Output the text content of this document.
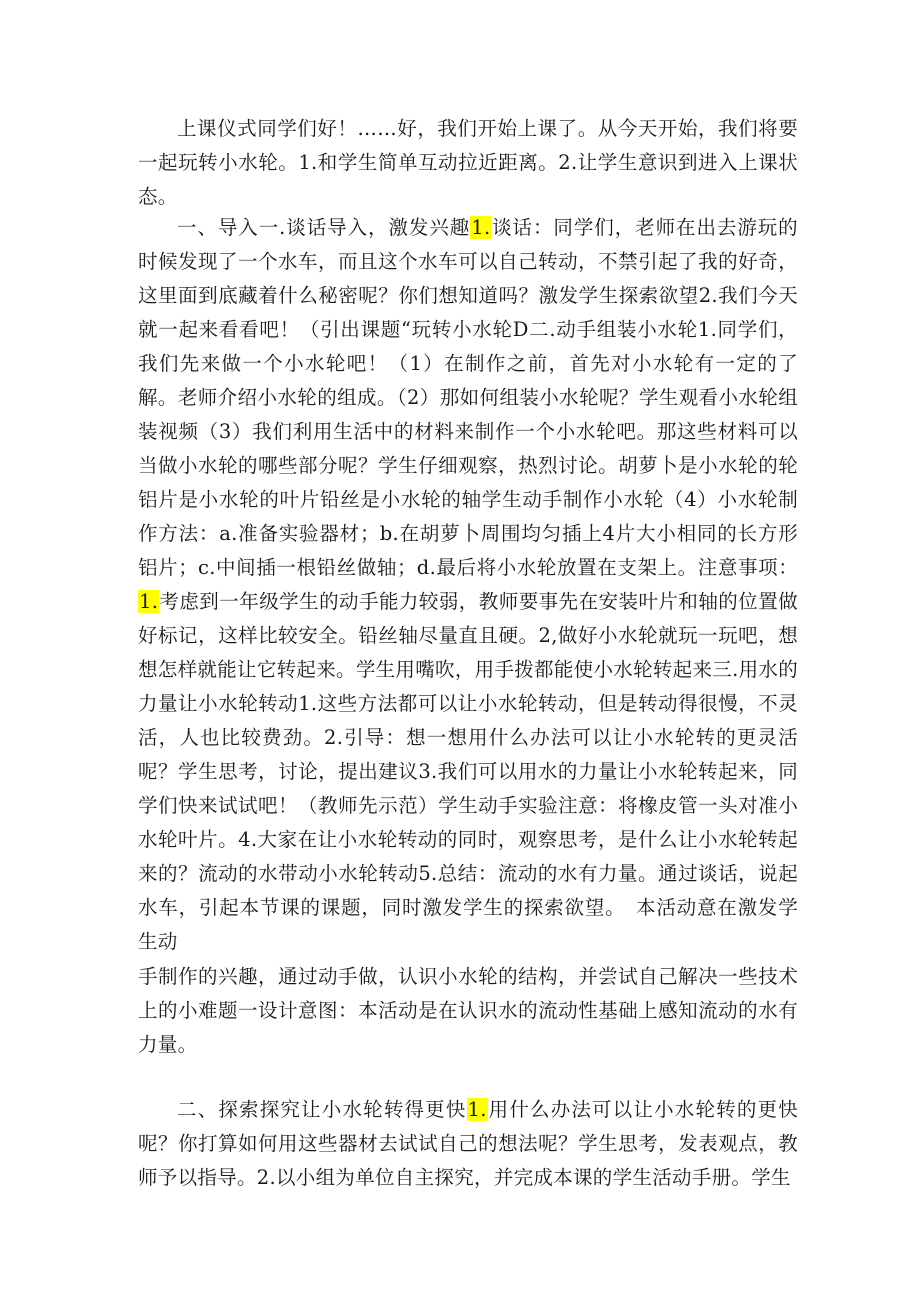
上课仪式同学们好！……好，我们开始上课了。从今天开始，我们将要一起玩转小水轮。1.和学生简单互动拉近距离。2.让学生意识到进入上课状态。

一、导入一.谈话导入，激发兴趣1.谈话：同学们，老师在出去游玩的时候发现了一个水车，而且这个水车可以自己转动，不禁引起了我的好奇，这里面到底藏着什么秘密呢？你们想知道吗？激发学生探索欲望2.我们今天就一起来看看吧！（引出课题“玩转小水轮D二.动手组装小水轮1.同学们，我们先来做一个小水轮吧！（1）在制作之前，首先对小水轮有一定的了解。老师介绍小水轮的组成。（2）那如何组装小水轮呢？学生观看小水轮组装视频（3）我们利用生活中的材料来制作一个小水轮吧。那这些材料可以当做小水轮的哪些部分呢？学生仔细观察，热烈讨论。胡萝卜是小水轮的轮铝片是小水轮的叶片铅丝是小水轮的轴学生动手制作小水轮（4）小水轮制作方法：a.准备实验器材；b.在胡萝卜周围均匀插上4片大小相同的长方形铝片；c.中间插一根铅丝做轴；d.最后将小水轮放置在支架上。注意事项：1.考虑到一年级学生的动手能力较弱，教师要事先在安装叶片和轴的位置做好标记，这样比较安全。铅丝轴尽量直且硬。2,做好小水轮就玩一玩吧，想想怎样就能让它转起来。学生用嘴吹，用手拨都能使小水轮转起来三.用水的力量让小水轮转动1.这些方法都可以让小水轮转动，但是转动得很慢，不灵活，人也比较费劲。2.引导：想一想用什么办法可以让小水轮转的更灵活呢？学生思考，讨论，提出建议3.我们可以用水的力量让小水轮转起来，同学们快来试试吧！（教师先示范）学生动手实验注意：将橡皮管一头对准小水轮叶片。4.大家在让小水轮转动的同时，观察思考，是什么让小水轮转起来的？流动的水带动小水轮转动5.总结：流动的水有力量。通过谈话，说起水车，引起本节课的课题，同时激发学生的探索欲望。　本活动意在激发学生动

手制作的兴趣，通过动手做，认识小水轮的结构，并尝试自己解决一些技术上的小难题一设计意图：本活动是在认识水的流动性基础上感知流动的水有力量。

二、探索探究让小水轮转得更快1.用什么办法可以让小水轮转的更快呢？你打算如何用这些器材去试试自己的想法呢？学生思考，发表观点，教师予以指导。2.以小组为单位自主探究，并完成本课的学生活动手册。学生
